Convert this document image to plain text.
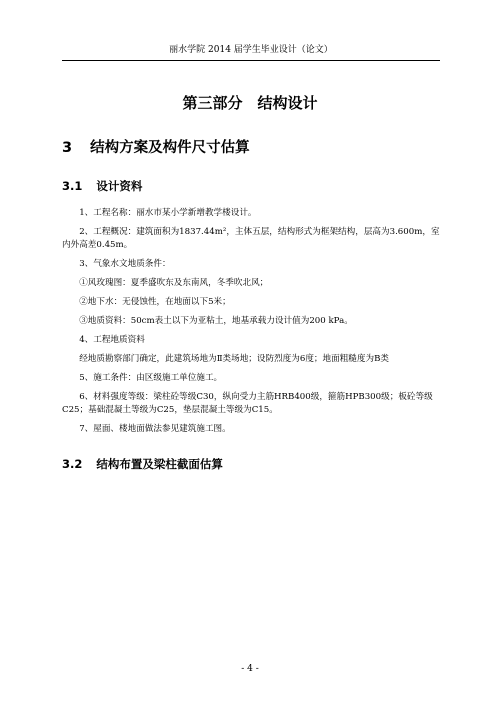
丽水学院 2014 届学生毕业设计（论文）
第三部分　结构设计
3 结构方案及构件尺寸估算
3.1 设计资料

1、工程名称：丽水市某小学新增教学楼设计。

2、工程概况：建筑面积为1837.44m²，主体五层，结构形式为框架结构，层高为3.600m，室内外高差0.45m。

3、气象水文地质条件：

①风玫瑰图：夏季盛吹东及东南风，冬季吹北风；

②地下水：无侵蚀性，在地面以下5米；

③地质资料：50cm表土以下为亚粘土，地基承载力设计值为200 kPa。

4、工程地质资料

经地质勘察部门确定，此建筑场地为Ⅱ类场地；设防烈度为6度；地面粗糙度为B类

5、施工条件：由区级施工单位施工。

6、材料强度等级：梁柱砼等级C30，纵向受力主筋HRB400级，箍筋HPB300级；板砼等级C25；基础混凝土等级为C25，垫层混凝土等级为C15。

7、屋面、楼地面做法参见建筑施工图。

3.2 结构布置及梁柱截面估算
- 4 -
